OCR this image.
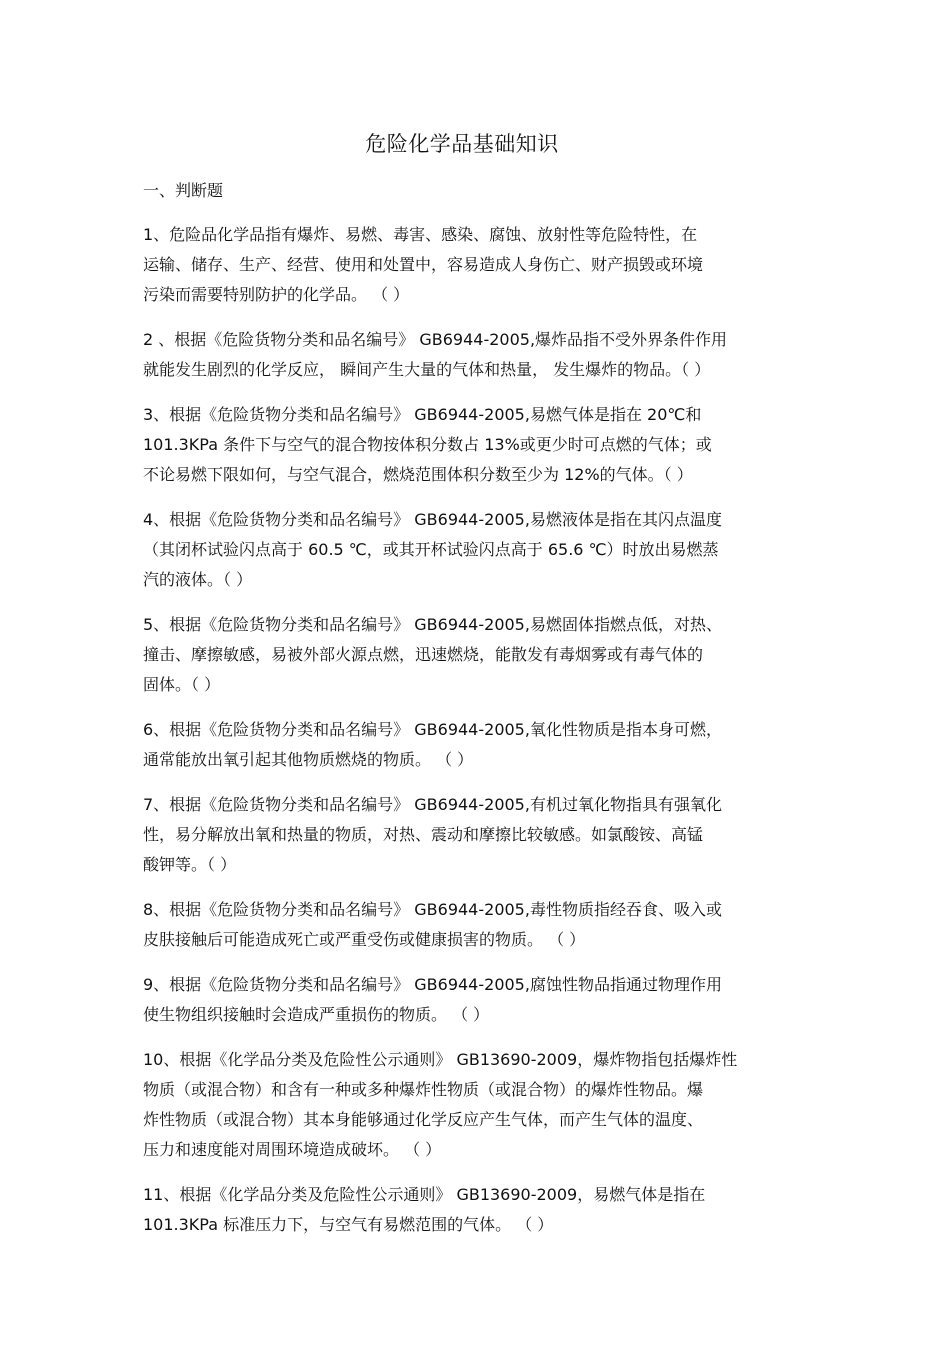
危险化学品基础知识
一、判断题
1、危险品化学品指有爆炸、易燃、毒害、感染、腐蚀、放射性等危险特性，在
运输、储存、生产、经营、使用和处置中，容易造成人身伤亡、财产损毁或环境
污染而需要特别防护的化学品。 （ ）
2 、根据《危险货物分类和品名编号》 GB6944-2005,爆炸品指不受外界条件作用
就能发生剧烈的化学反应， 瞬间产生大量的气体和热量， 发生爆炸的物品。（ ）
3、根据《危险货物分类和品名编号》 GB6944-2005,易燃气体是指在 20℃和
101.3KPa 条件下与空气的混合物按体积分数占 13%或更少时可点燃的气体；或
不论易燃下限如何，与空气混合，燃烧范围体积分数至少为 12%的气体。（ ）
4、根据《危险货物分类和品名编号》 GB6944-2005,易燃液体是指在其闪点温度
（其闭杯试验闪点高于 60.5 ℃，或其开杯试验闪点高于 65.6 ℃）时放出易燃蒸
汽的液体。（ ）
5、根据《危险货物分类和品名编号》 GB6944-2005,易燃固体指燃点低，对热、
撞击、摩擦敏感，易被外部火源点燃，迅速燃烧，能散发有毒烟雾或有毒气体的
固体。（ ）
6、根据《危险货物分类和品名编号》 GB6944-2005,氧化性物质是指本身可燃，
通常能放出氧引起其他物质燃烧的物质。 （ ）
7、根据《危险货物分类和品名编号》 GB6944-2005,有机过氧化物指具有强氧化
性，易分解放出氧和热量的物质，对热、震动和摩擦比较敏感。如氯酸铵、高锰
酸钾等。（ ）
8、根据《危险货物分类和品名编号》 GB6944-2005,毒性物质指经吞食、吸入或
皮肤接触后可能造成死亡或严重受伤或健康损害的物质。 （ ）
9、根据《危险货物分类和品名编号》 GB6944-2005,腐蚀性物品指通过物理作用
使生物组织接触时会造成严重损伤的物质。 （ ）
10、根据《化学品分类及危险性公示通则》 GB13690-2009，爆炸物指包括爆炸性
物质（或混合物）和含有一种或多种爆炸性物质（或混合物）的爆炸性物品。爆
炸性物质（或混合物）其本身能够通过化学反应产生气体，而产生气体的温度、
压力和速度能对周围环境造成破坏。 （ ）
11、根据《化学品分类及危险性公示通则》 GB13690-2009，易燃气体是指在
101.3KPa 标准压力下，与空气有易燃范围的气体。 （ ）
